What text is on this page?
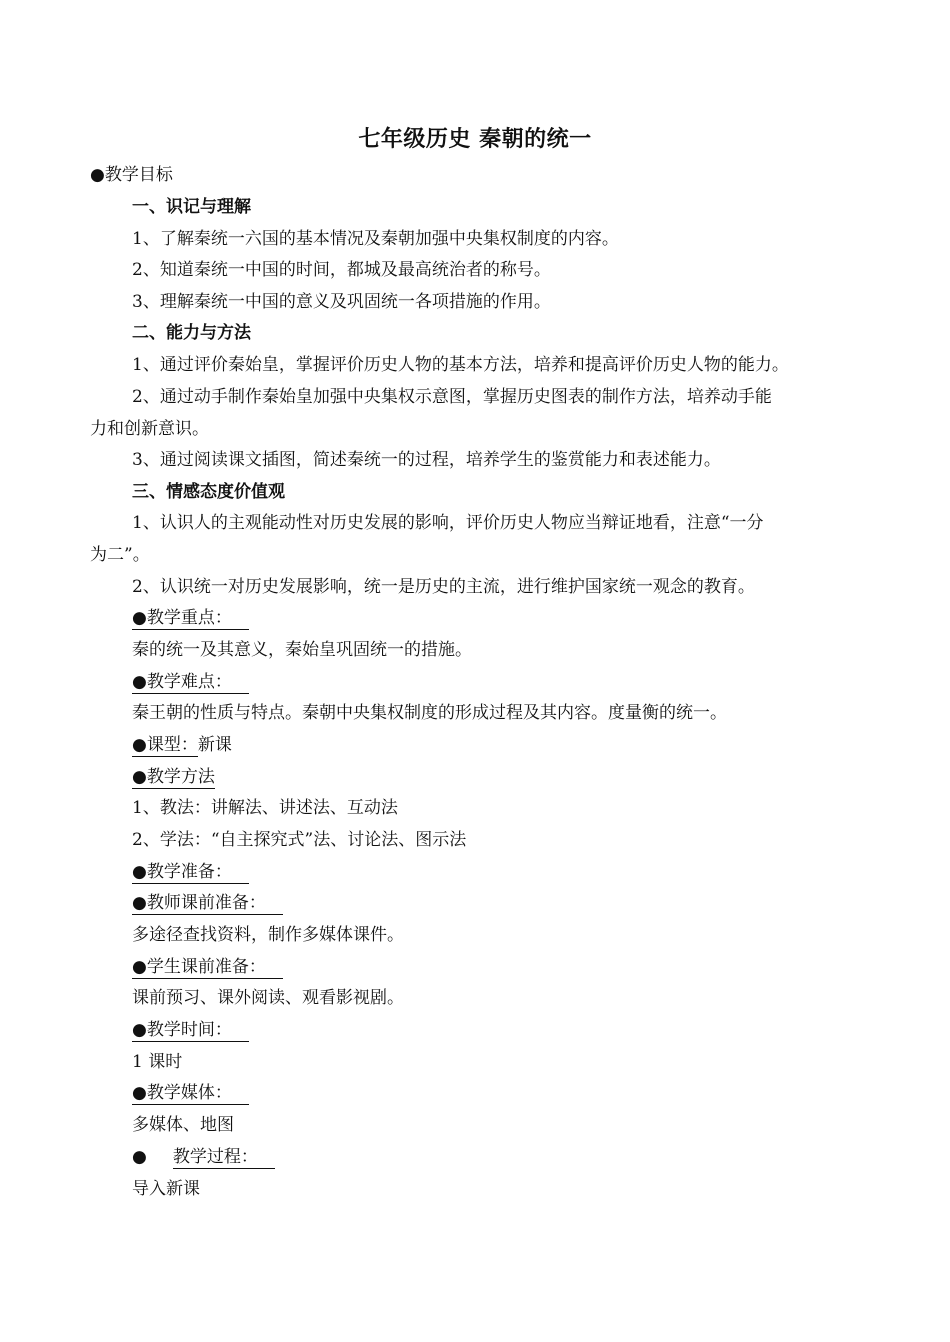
七年级历史 秦朝的统一
●教学目标
一、识记与理解
1、了解秦统一六国的基本情况及秦朝加强中央集权制度的内容。
2、知道秦统一中国的时间，都城及最高统治者的称号。
3、理解秦统一中国的意义及巩固统一各项措施的作用。
二、能力与方法
1、通过评价秦始皇，掌握评价历史人物的基本方法，培养和提高评价历史人物的能力。
2、通过动手制作秦始皇加强中央集权示意图，掌握历史图表的制作方法，培养动手能
力和创新意识。
3、通过阅读课文插图，简述秦统一的过程，培养学生的鉴赏能力和表述能力。
三、情感态度价值观
1、认识人的主观能动性对历史发展的影响，评价历史人物应当辩证地看，注意“一分
为二”。
2、认识统一对历史发展影响，统一是历史的主流，进行维护国家统一观念的教育。
●教学重点： 
秦的统一及其意义，秦始皇巩固统一的措施。
●教学难点： 
秦王朝的性质与特点。秦朝中央集权制度的形成过程及其内容。度量衡的统一。
●课型：新课
●教学方法
1、教法：讲解法、讲述法、互动法
2、学法：“自主探究式”法、讨论法、图示法
●教学准备： 
●教师课前准备： 
多途径查找资料，制作多媒体课件。
●学生课前准备： 
课前预习、课外阅读、观看影视剧。
●教学时间： 
1 课时
●教学媒体： 
多媒体、地图
● 教学过程： 
导入新课
